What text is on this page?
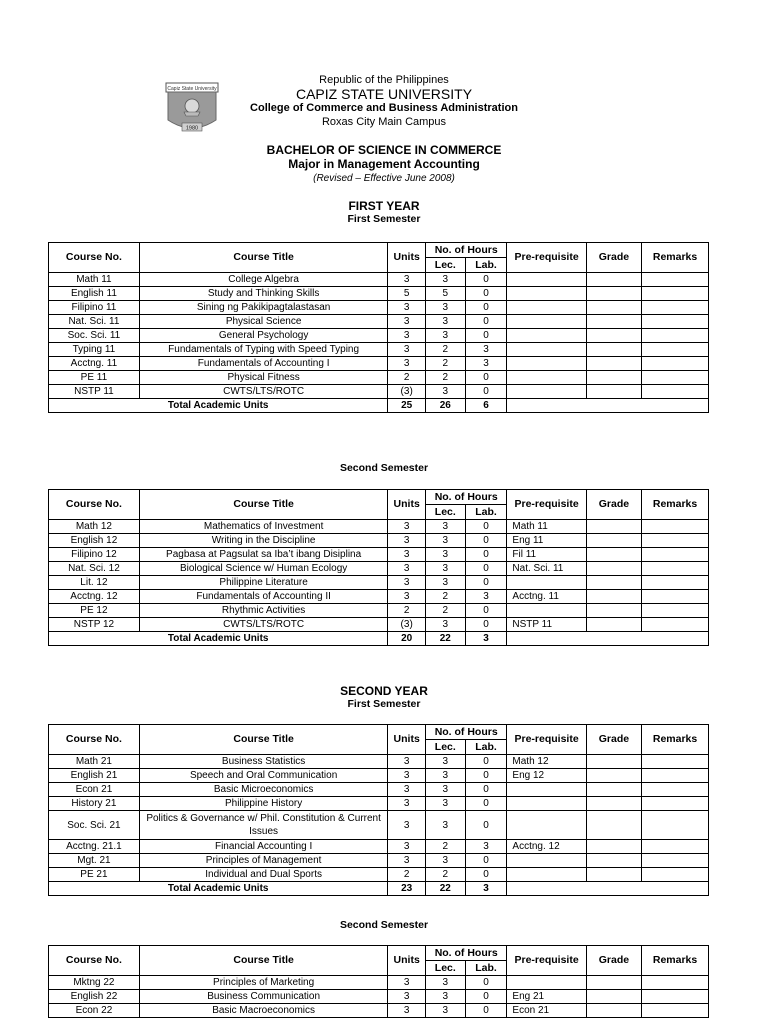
Capiz State University
1980
Republic of the Philippines
CAPIZ STATE UNIVERSITY
College of Commerce and Business Administration
Roxas City Main Campus
BACHELOR OF SCIENCE IN COMMERCE
Major in Management Accounting
(Revised – Effective June 2008)
FIRST YEAR
First Semester
Course No.	Course Title	Units	No. of Hours		Pre-requisite	Grade	Remarks
			Lec.	Lab.			
Math 11	College Algebra	3	3	0			
English 11	Study and Thinking Skills	5	5	0			
Filipino 11	Sining ng Pakikipagtalastasan	3	3	0			
Nat. Sci. 11	Physical Science	3	3	0			
Soc. Sci. 11	General Psychology	3	3	0			
Typing 11	Fundamentals of Typing with Speed Typing	3	2	3			
Acctng. 11	Fundamentals of Accounting I	3	2	3			
PE 11	Physical Fitness	2	2	0			
NSTP 11	CWTS/LTS/ROTC	(3)	3	0			
Total Academic Units		25	26	6			
Second Semester
Course No.	Course Title	Units	No. of Hours		Pre-requisite	Grade	Remarks
			Lec.	Lab.			
Math 12	Mathematics of Investment	3	3	0	Math 11		
English 12	Writing in the Discipline	3	3	0	Eng 11		
Filipino 12	Pagbasa at Pagsulat sa Iba’t ibang Disiplina	3	3	0	Fil 11		
Nat. Sci. 12	Biological Science w/ Human Ecology	3	3	0	Nat. Sci. 11		
Lit. 12	Philippine Literature	3	3	0			
Acctng. 12	Fundamentals of Accounting II	3	2	3	Acctng. 11		
PE 12	Rhythmic Activities	2	2	0			
NSTP 12	CWTS/LTS/ROTC	(3)	3	0	NSTP 11		
Total Academic Units		20	22	3			
SECOND YEAR
First Semester
Course No.	Course Title	Units	No. of Hours		Pre-requisite	Grade	Remarks
			Lec.	Lab.			
Math 21	Business Statistics	3	3	0	Math 12		
English 21	Speech and Oral Communication	3	3	0	Eng 12		
Econ 21	Basic Microeconomics	3	3	0			
History 21	Philippine History	3	3	0			
Soc. Sci. 21	Politics & Governance w/ Phil. Constitution & Current Issues	3	3	0			
Acctng. 21.1	Financial Accounting I	3	2	3	Acctng. 12		
Mgt. 21	Principles of Management	3	3	0			
PE 21	Individual and Dual Sports	2	2	0			
Total Academic Units		23	22	3			
Second Semester
Course No.	Course Title	Units	No. of Hours		Pre-requisite	Grade	Remarks
			Lec.	Lab.			
Mktng 22	Principles of Marketing	3	3	0			
English 22	Business Communication	3	3	0	Eng 21		
Econ 22	Basic Macroeconomics	3	3	0	Econ 21		
